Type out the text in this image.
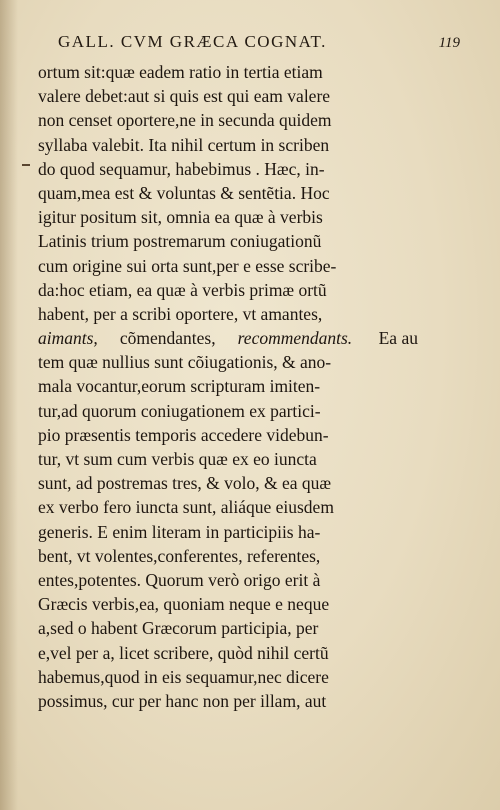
GALL. CVM GRÆCA COGNAT.	119
ortum sit:quæ eadem ratio in tertia etiam
valere debet:aut si quis est qui eam valere
non censet oportere,ne in secunda quidem
syllaba valebit. Ita nihil certum in scriben
do quod sequamur, habebimus . Hæc, in-
quam,mea est & voluntas & sentẽtia. Hoc
igitur positum sit, omnia ea quæ à verbis
Latinis trium postremarum coniugationũ
cum origine sui orta sunt,per e esse scribe-
da:hoc etiam, ea quæ à verbis primæ ortũ
habent, per a scribi oportere, vt amantes,
aimants, cõmendantes, recommendants. Ea au
tem quæ nullius sunt cõiugationis, & ano-
mala vocantur,eorum scripturam imiten-
tur,ad quorum coniugationem ex partici-
pio præsentis temporis accedere videbun-
tur, vt sum cum verbis quæ ex eo iuncta
sunt, ad postremas tres, & volo, & ea quæ
ex verbo fero iuncta sunt, aliáque eiusdem
generis. E enim literam in participiis ha-
bent, vt volentes,conferentes, referentes,
entes,potentes. Quorum verò origo erit à
Græcis verbis,ea, quoniam neque e neque
a,sed o habent Græcorum participia, per
e,vel per a, licet scribere, quòd nihil certũ
habemus,quod in eis sequamur,nec dicere
possimus, cur per hanc non per illam, aut
